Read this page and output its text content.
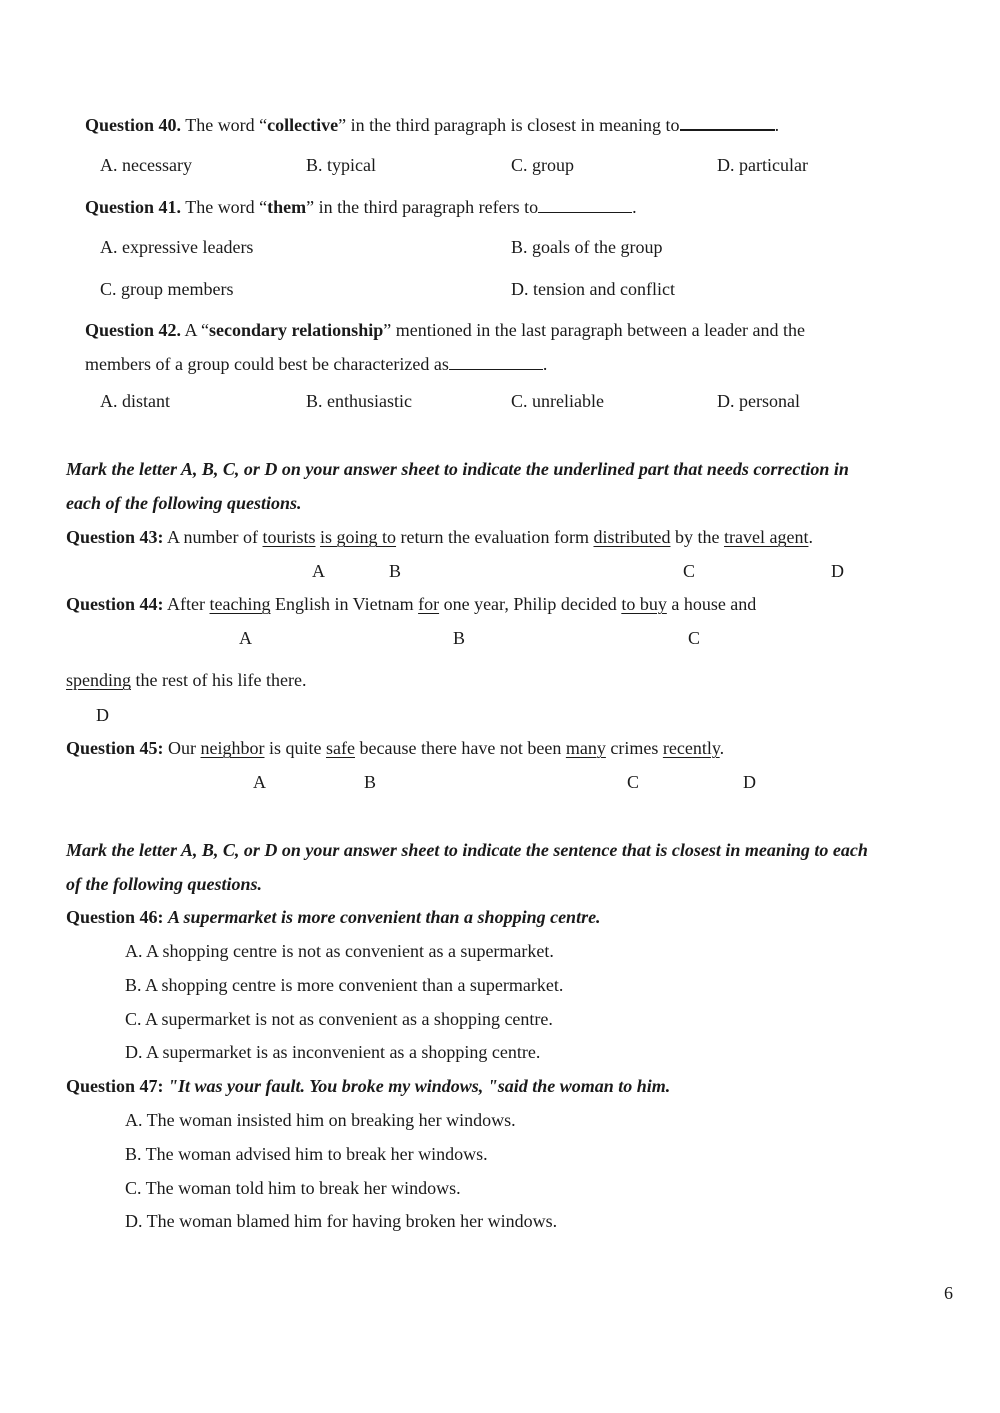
Question 40. The word “collective” in the third paragraph is closest in meaning to	.
A. necessary	B. typical	C. group	D. particular
Question 41. The word “them” in the third paragraph refers to	.
A. expressive leaders	B. goals of the group
C. group members	D. tension and conflict
Question 42. A “secondary relationship” mentioned in the last paragraph between a leader and the
members of a group could best be characterized as	.
A. distant	B. enthusiastic	C. unreliable	D. personal
Mark the letter A, B, C, or D on your answer sheet to indicate the underlined part that needs correction in
each of the following questions.
Question 43: A number of tourists is going to return the evaluation form distributed by the travel agent.
A	B	C	D
Question 44: After teaching English in Vietnam for one year, Philip decided to buy a house and
A	B	C
spending the rest of his life there.
D
Question 45: Our neighbor is quite safe because there have not been many crimes recently.
A	B	C	D
Mark the letter A, B, C, or D on your answer sheet to indicate the sentence that is closest in meaning to each
of the following questions.
Question 46: A supermarket is more convenient than a shopping centre.
A. A shopping centre is not as convenient as a supermarket.
B. A shopping centre is more convenient than a supermarket.
C. A supermarket is not as convenient as a shopping centre.
D. A supermarket is as inconvenient as a shopping centre.
Question 47: "It was your fault. You broke my windows, "said the woman to him.
A. The woman insisted him on breaking her windows.
B. The woman advised him to break her windows.
C. The woman told him to break her windows.
D. The woman blamed him for having broken her windows.
6
